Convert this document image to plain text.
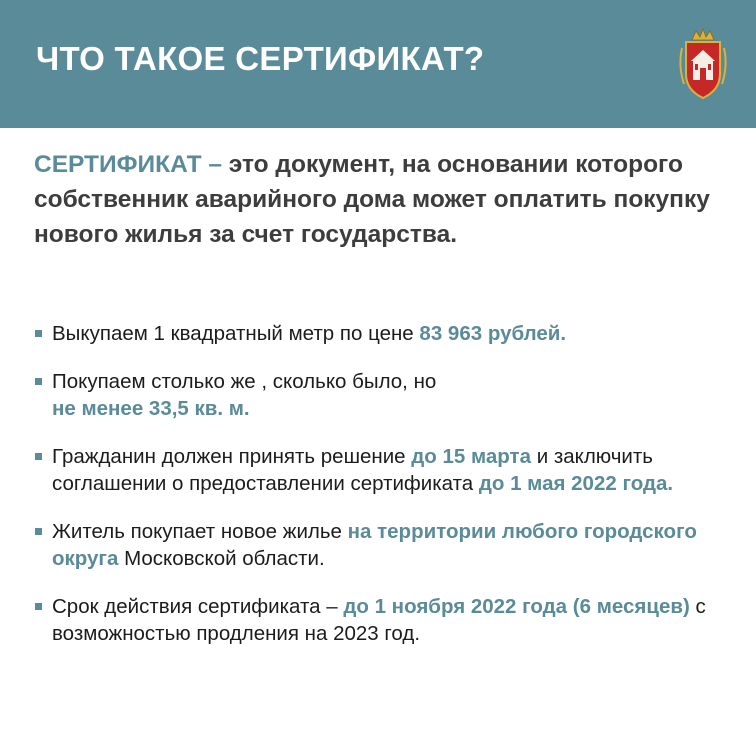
ЧТО ТАКОЕ СЕРТИФИКАТ?

СЕРТИФИКАТ – это документ, на основании которого собственник аварийного дома может оплатить покупку нового жилья за счет государства.

Выкупаем 1 квадратный метр по цене 83 963 рублей.
Покупаем столько же , сколько было, но
не менее 33,5 кв. м.
Гражданин должен принять решение до 15 марта и заключить соглашении о предоставлении сертификата до 1 мая 2022 года.
Житель покупает новое жилье на территории любого городского округа Московской области.
Срок действия сертификата – до 1 ноября 2022 года (6 месяцев) с возможностью продления на 2023 год.
